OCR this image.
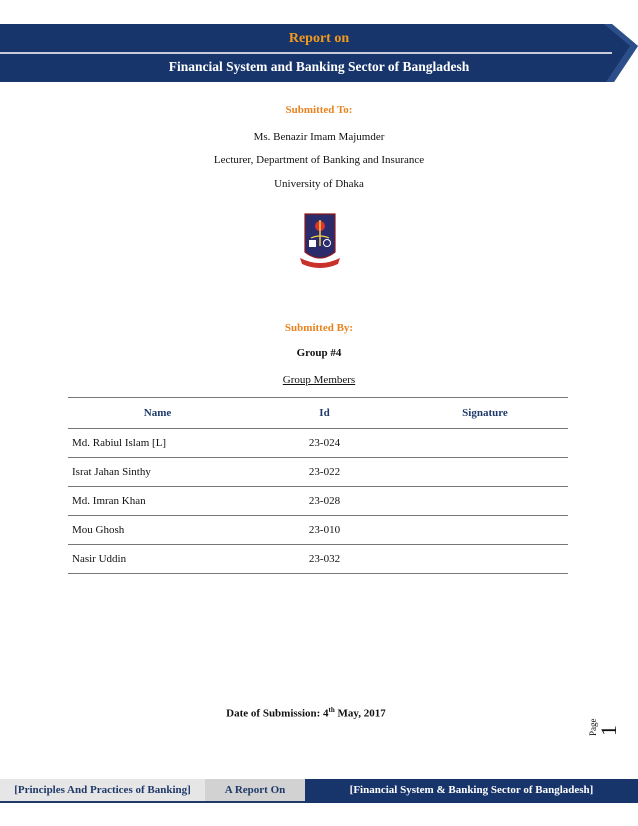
Report on
Financial System and Banking Sector of Bangladesh
Submitted To:
Ms. Benazir Imam Majumder
Lecturer, Department of Banking and Insurance
University of Dhaka
Submitted By:
Group #4
Group Members
Name	Id	Signature
Md. Rabiul Islam [L]	23-024	
Israt Jahan Sinthy	23-022	
Md. Imran Khan	23-028	
Mou Ghosh	23-010	
Nasir Uddin	23-032	
Date of Submission: 4th May, 2017
Page
1
[Principles And Practices of Banking]	A Report On	[Financial System & Banking Sector of Bangladesh]
